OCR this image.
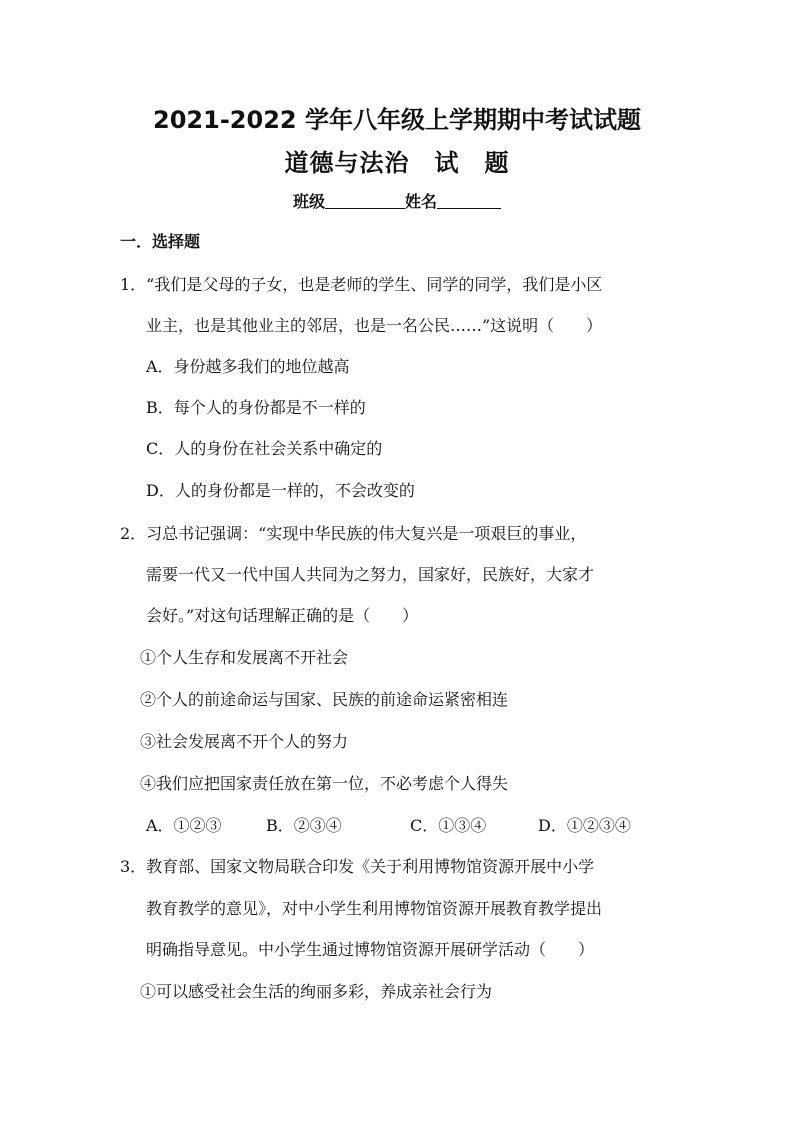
2021-2022 学年八年级上学期期中考试试题
道德与法治　试　题
班级	姓名
一．选择题
1．“我们是父母的子女，也是老师的学生、同学的同学，我们是小区
业主，也是其他业主的邻居，也是一名公民……”这说明（　　）
A．身份越多我们的地位越高
B．每个人的身份都是不一样的
C．人的身份在社会关系中确定的
D．人的身份都是一样的，不会改变的
2．习总书记强调：“实现中华民族的伟大复兴是一项艰巨的事业，
需要一代又一代中国人共同为之努力，国家好，民族好，大家才
会好。”对这句话理解正确的是（　　）
①个人生存和发展离不开社会
②个人的前途命运与国家、民族的前途命运紧密相连
③社会发展离不开个人的努力
④我们应把国家责任放在第一位，不必考虑个人得失
A．①②③	B．②③④	C．①③④	D．①②③④
3．教育部、国家文物局联合印发《关于利用博物馆资源开展中小学
教育教学的意见》，对中小学生利用博物馆资源开展教育教学提出
明确指导意见。中小学生通过博物馆资源开展研学活动（　　）
①可以感受社会生活的绚丽多彩，养成亲社会行为
